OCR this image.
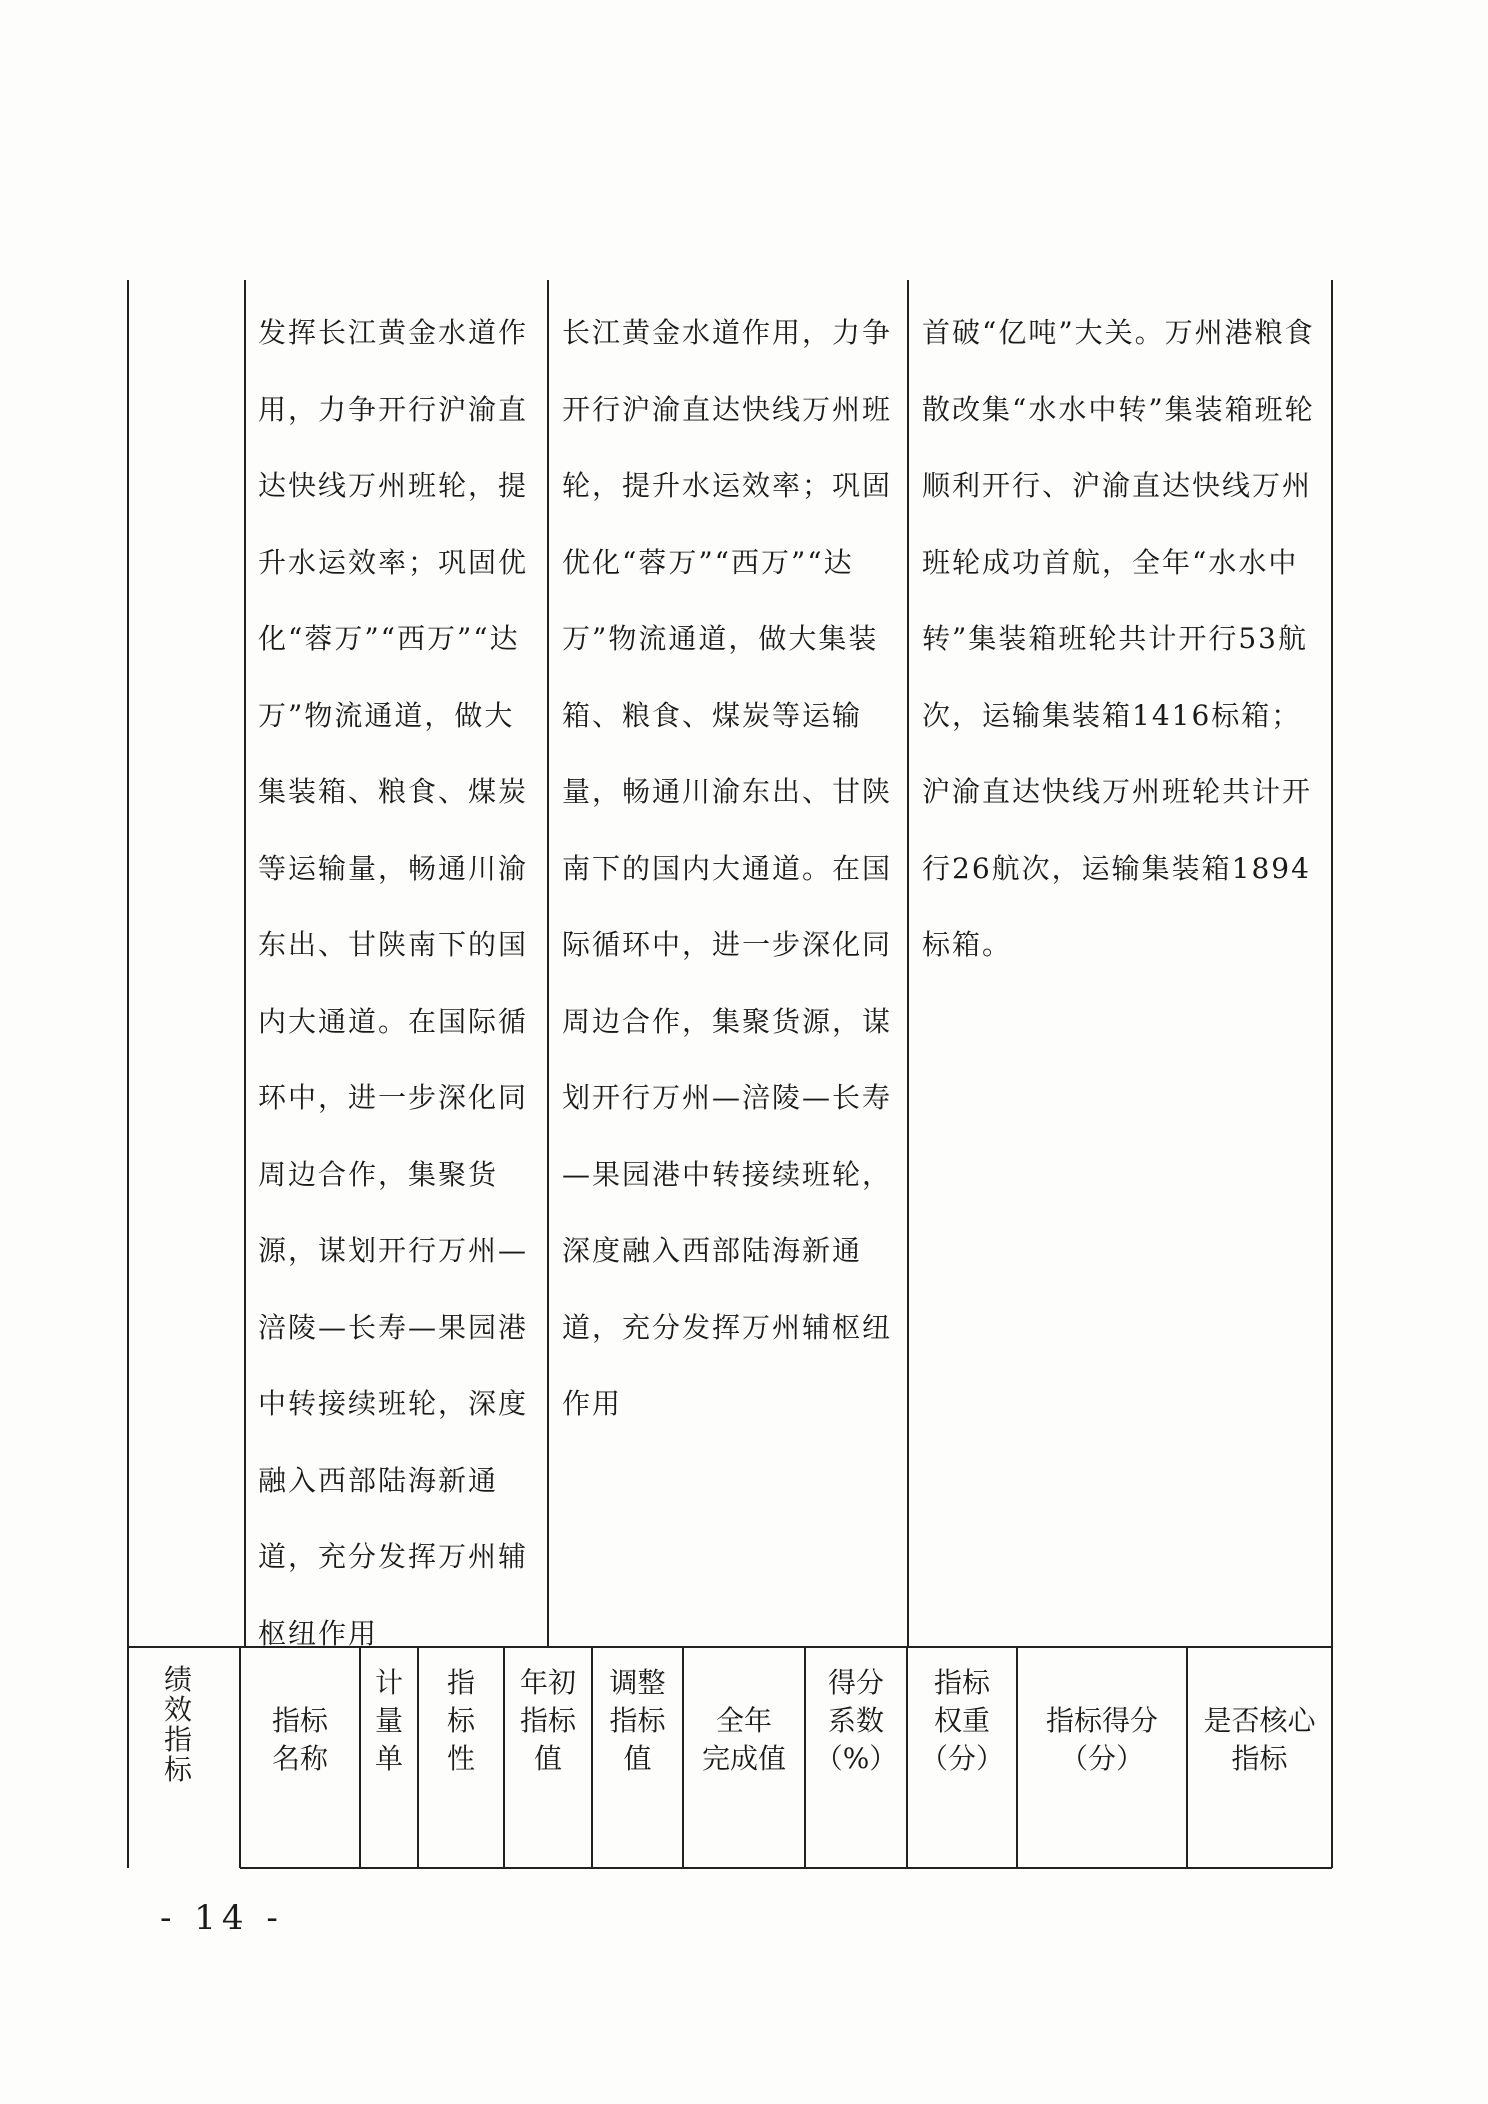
发挥长江黄金水道作用，力争开行沪渝直达快线万州班轮，提升水运效率；巩固优化“蓉万”“西万”“达万”物流通道，做大集装箱、粮食、煤炭等运输量，畅通川渝东出、甘陕南下的国内大通道。在国际循环中，进一步深化同周边合作，集聚货源，谋划开行万州—涪陵—长寿—果园港中转接续班轮，深度融入西部陆海新通道，充分发挥万州辅枢纽作用
长江黄金水道作用，力争开行沪渝直达快线万州班轮，提升水运效率；巩固优化“蓉万”“西万”“达万”物流通道，做大集装箱、粮食、煤炭等运输量，畅通川渝东出、甘陕南下的国内大通道。在国际循环中，进一步深化同周边合作，集聚货源，谋划开行万州—涪陵—长寿—果园港中转接续班轮，深度融入西部陆海新通道，充分发挥万州辅枢纽作用
首破“亿吨”大关。万州港粮食散改集“水水中转”集装箱班轮顺利开行、沪渝直达快线万州班轮成功首航，全年“水水中转”集装箱班轮共计开行53航次，运输集装箱1416标箱；沪渝直达快线万州班轮共计开行26航次，运输集装箱1894标箱。
绩效指标
指标
名称
计
量
单
指
标
性
年初
指标
值
调整
指标
值
全年
完成值
得分
系数
（%）
指标
权重
（分）
指标得分
（分）
是否核心
指标
- 14 -
